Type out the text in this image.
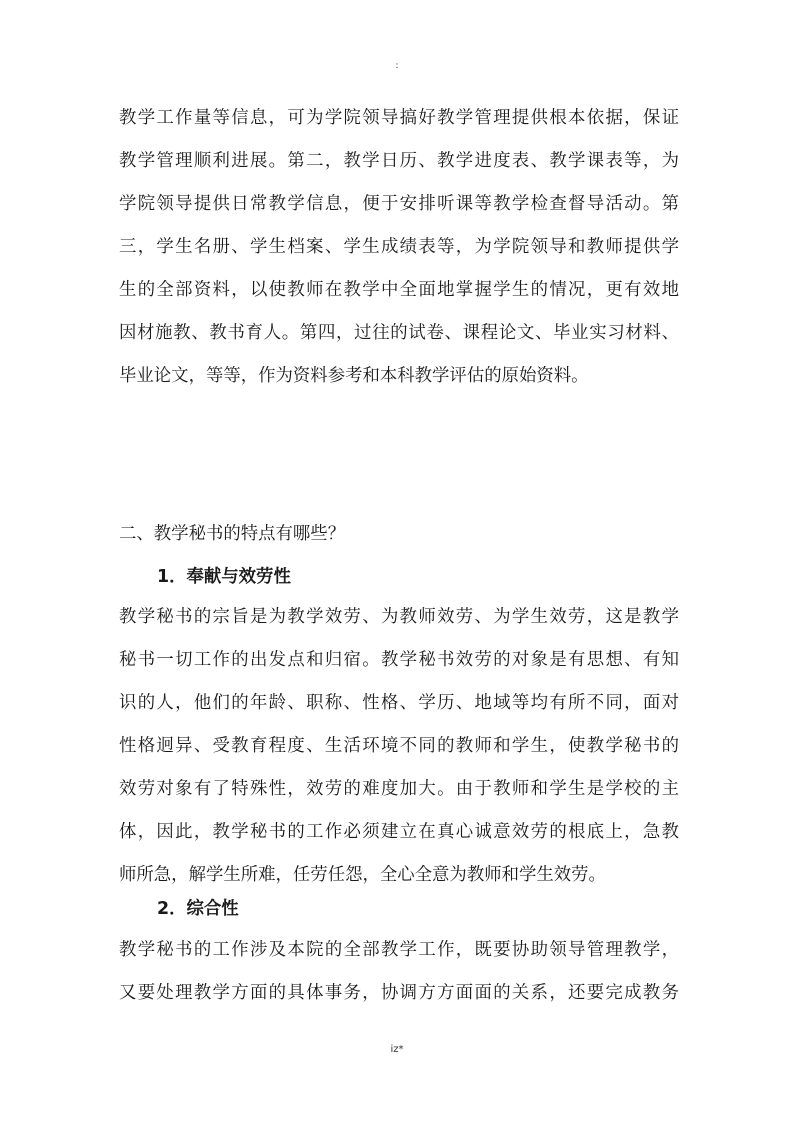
:
教学工作量等信息，可为学院领导搞好教学管理提供根本依据，保证
教学管理顺利进展。第二，教学日历、教学进度表、教学课表等，为
学院领导提供日常教学信息，便于安排听课等教学检查督导活动。第
三，学生名册、学生档案、学生成绩表等，为学院领导和教师提供学
生的全部资料，以使教师在教学中全面地掌握学生的情况，更有效地
因材施教、教书育人。第四，过往的试卷、课程论文、毕业实习材料、
毕业论文，等等，作为资料参考和本科教学评估的原始资料。
二、教学秘书的特点有哪些？
1．奉献与效劳性
教学秘书的宗旨是为教学效劳、为教师效劳、为学生效劳，这是教学
秘书一切工作的出发点和归宿。教学秘书效劳的对象是有思想、有知
识的人，他们的年龄、职称、性格、学历、地域等均有所不同，面对
性格迥异、受教育程度、生活环境不同的教师和学生，使教学秘书的
效劳对象有了特殊性，效劳的难度加大。由于教师和学生是学校的主
体，因此，教学秘书的工作必须建立在真心诚意效劳的根底上，急教
师所急，解学生所难，任劳任怨，全心全意为教师和学生效劳。
2．综合性
教学秘书的工作涉及本院的全部教学工作，既要协助领导管理教学，
又要处理教学方面的具体事务，协调方方面面的关系，还要完成教务
iz*
